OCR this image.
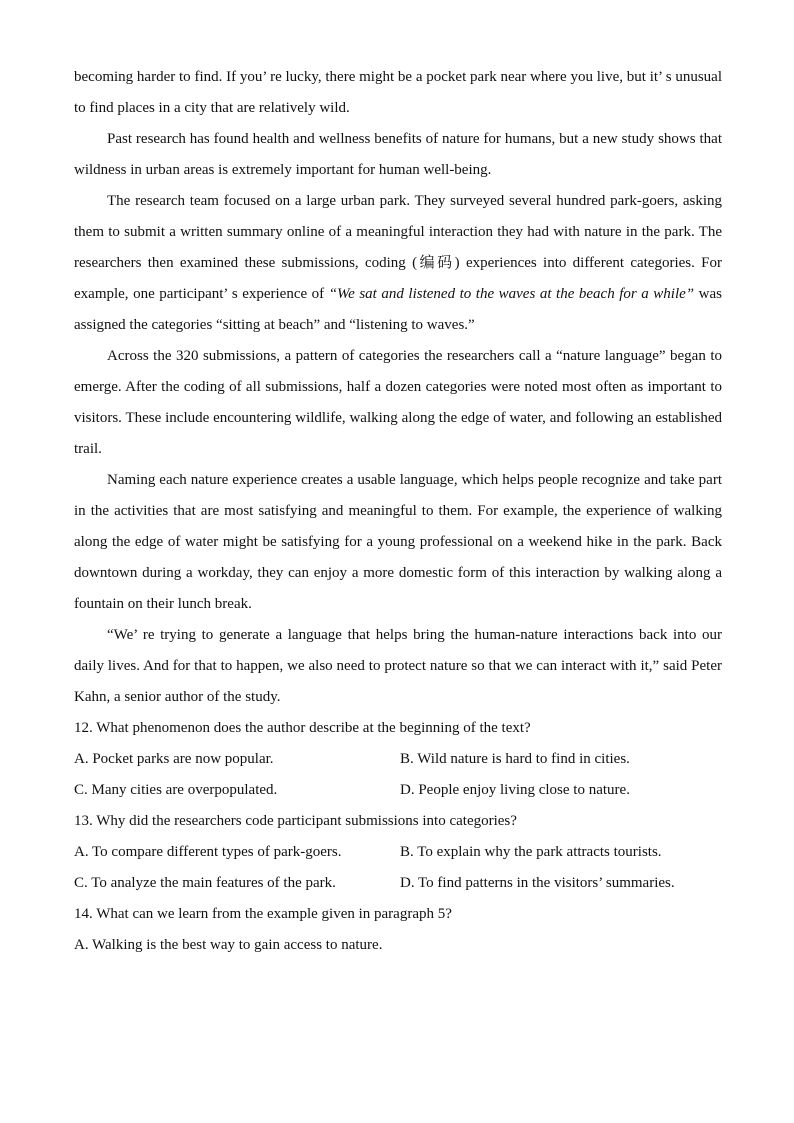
becoming harder to find. If you’ re lucky, there might be a pocket park near where you live, but it’ s unusual to find places in a city that are relatively wild.

Past research has found health and wellness benefits of nature for humans, but a new study shows that wildness in urban areas is extremely important for human well-being.

The research team focused on a large urban park. They surveyed several hundred park-goers, asking them to submit a written summary online of a meaningful interaction they had with nature in the park. The researchers then examined these submissions, coding (编码) experiences into different categories. For example, one participant’ s experience of “We sat and listened to the waves at the beach for a while” was assigned the categories “sitting at beach” and “listening to waves.”

Across the 320 submissions, a pattern of categories the researchers call a “nature language” began to emerge. After the coding of all submissions, half a dozen categories were noted most often as important to visitors. These include encountering wildlife, walking along the edge of water, and following an established trail.

Naming each nature experience creates a usable language, which helps people recognize and take part in the activities that are most satisfying and meaningful to them. For example, the experience of walking along the edge of water might be satisfying for a young professional on a weekend hike in the park. Back downtown during a workday, they can enjoy a more domestic form of this interaction by walking along a fountain on their lunch break.

“We’ re trying to generate a language that helps bring the human-nature interactions back into our daily lives. And for that to happen, we also need to protect nature so that we can interact with it,” said Peter Kahn, a senior author of the study.

12. What phenomenon does the author describe at the beginning of the text?

A. Pocket parks are now popular.	B. Wild nature is hard to find in cities.
C. Many cities are overpopulated.	D. People enjoy living close to nature.

13. Why did the researchers code participant submissions into categories?

A. To compare different types of park-goers.	B. To explain why the park attracts tourists.
C. To analyze the main features of the park.	D. To find patterns in the visitors’ summaries.

14. What can we learn from the example given in paragraph 5?

A. Walking is the best way to gain access to nature.
